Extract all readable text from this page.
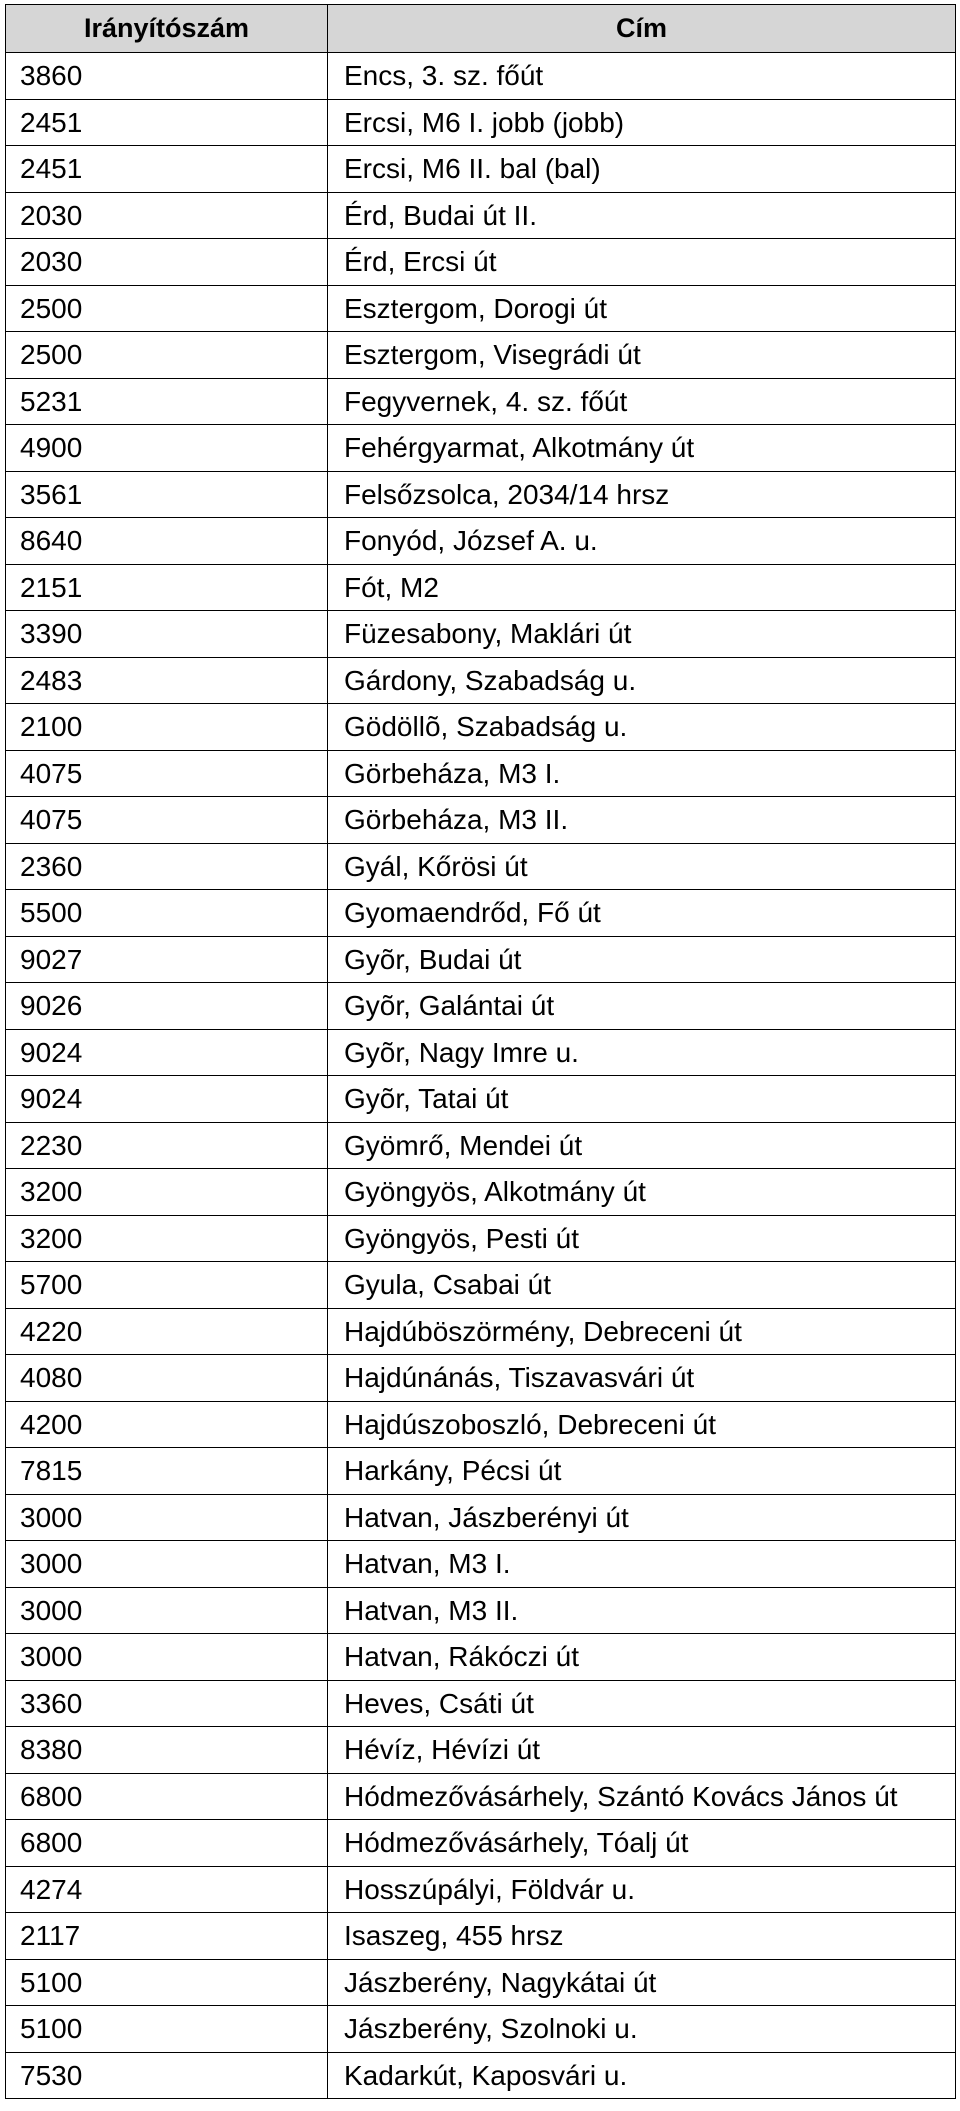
Irányítószám	Cím
3860	Encs, 3. sz. főút
2451	Ercsi, M6 I. jobb (jobb)
2451	Ercsi, M6 II. bal (bal)
2030	Érd, Budai út II.
2030	Érd, Ercsi út
2500	Esztergom, Dorogi út
2500	Esztergom, Visegrádi út
5231	Fegyvernek, 4. sz. főút
4900	Fehérgyarmat, Alkotmány út
3561	Felsőzsolca, 2034/14 hrsz
8640	Fonyód, József A. u.
2151	Fót, M2
3390	Füzesabony, Maklári út
2483	Gárdony, Szabadság u.
2100	Gödöllõ, Szabadság u.
4075	Görbeháza, M3 I.
4075	Görbeháza, M3 II.
2360	Gyál, Kőrösi út
5500	Gyomaendrőd, Fő út
9027	Gyõr, Budai út
9026	Gyõr, Galántai út
9024	Gyõr, Nagy Imre u.
9024	Gyõr, Tatai út
2230	Gyömrő, Mendei út
3200	Gyöngyös, Alkotmány út
3200	Gyöngyös, Pesti út
5700	Gyula, Csabai út
4220	Hajdúböszörmény, Debreceni út
4080	Hajdúnánás, Tiszavasvári út
4200	Hajdúszoboszló, Debreceni út
7815	Harkány, Pécsi út
3000	Hatvan, Jászberényi út
3000	Hatvan, M3 I.
3000	Hatvan, M3 II.
3000	Hatvan, Rákóczi út
3360	Heves, Csáti út
8380	Hévíz, Hévízi út
6800	Hódmezővásárhely, Szántó Kovács János út
6800	Hódmezővásárhely, Tóalj út
4274	Hosszúpályi, Földvár u.
2117	Isaszeg, 455 hrsz
5100	Jászberény, Nagykátai út
5100	Jászberény, Szolnoki u.
7530	Kadarkút, Kaposvári u.
